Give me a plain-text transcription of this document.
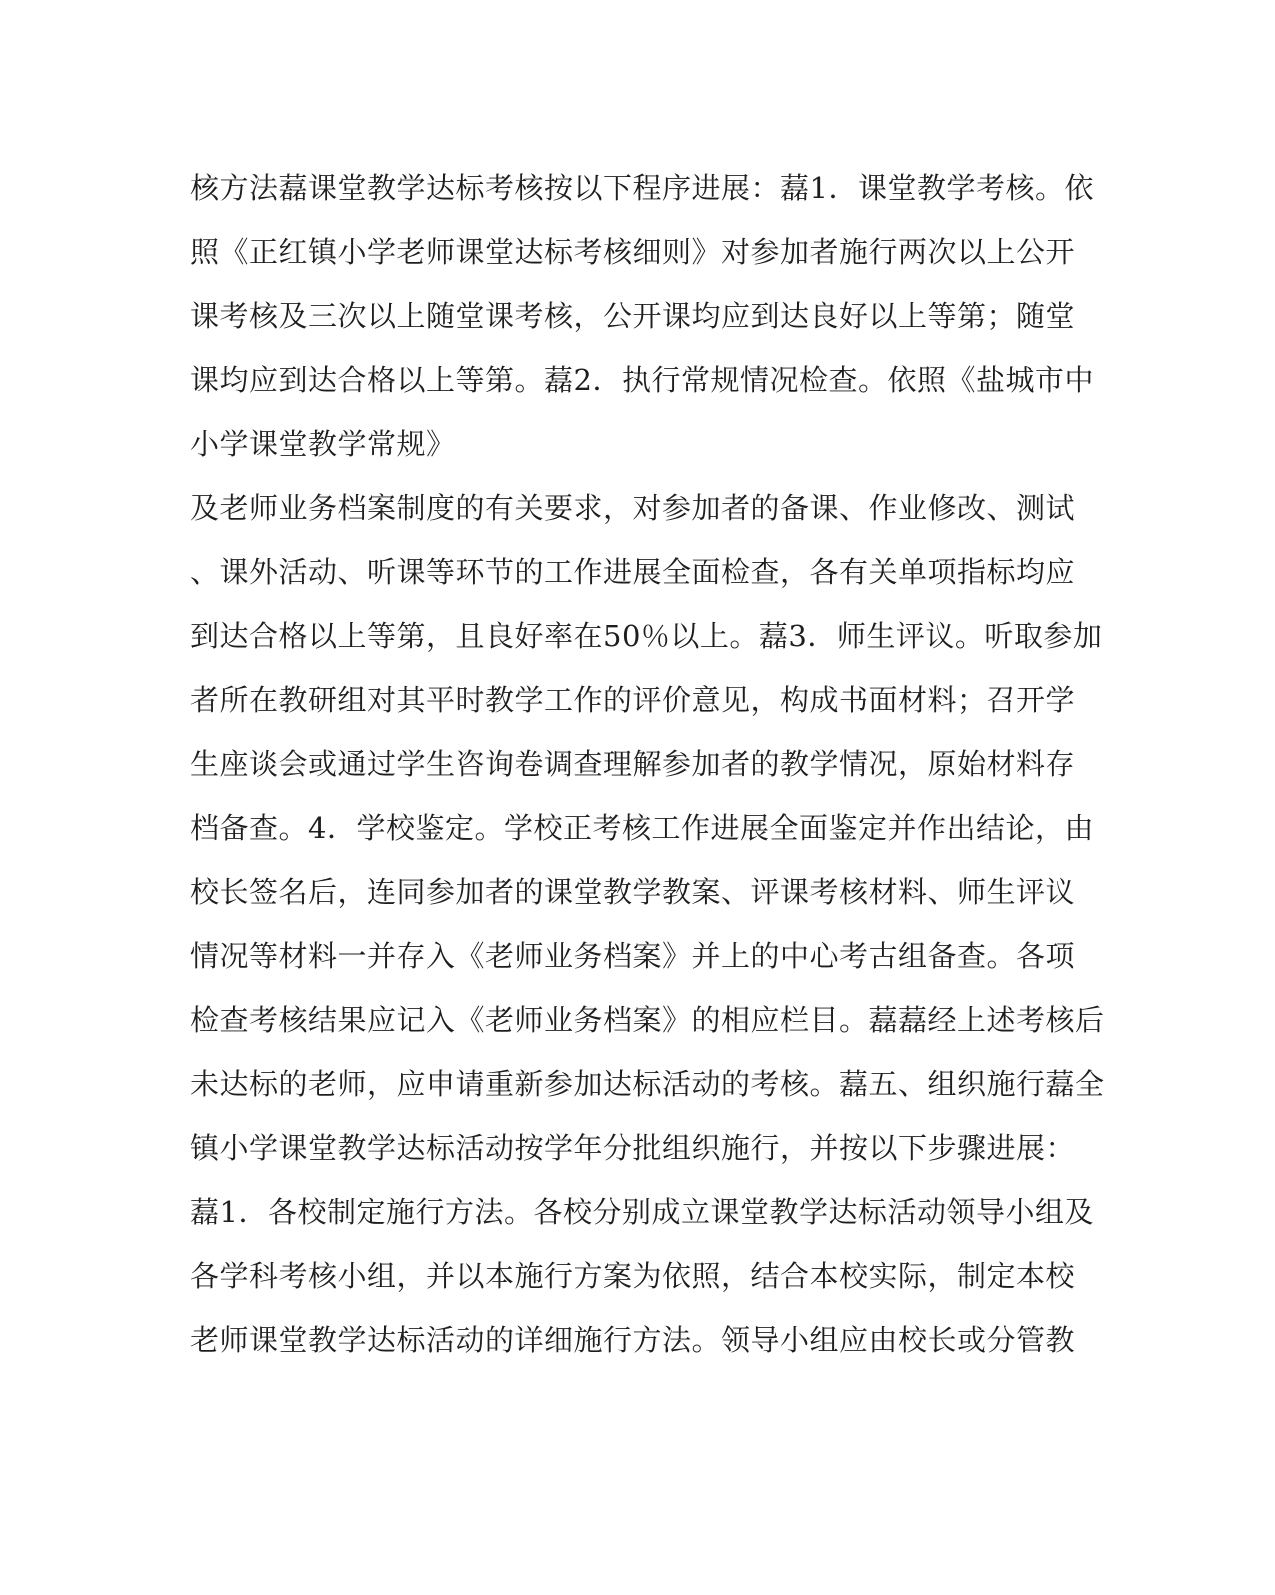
核方法藞课堂教学达标考核按以下程序进展：藞1．课堂教学考核。依
照《正红镇小学老师课堂达标考核细则》对参加者施行两次以上公开
课考核及三次以上随堂课考核，公开课均应到达良好以上等第；随堂
课均应到达合格以上等第。藞2．执行常规情况检查。依照《盐城市中
小学课堂教学常规》
及老师业务档案制度的有关要求，对参加者的备课、作业修改、测试
、课外活动、听课等环节的工作进展全面检查，各有关单项指标均应
到达合格以上等第，且良好率在50％以上。藞3．师生评议。听取参加
者所在教研组对其平时教学工作的评价意见，构成书面材料；召开学
生座谈会或通过学生咨询卷调查理解参加者的教学情况，原始材料存
档备查。4．学校鉴定。学校正考核工作进展全面鉴定并作出结论，由
校长签名后，连同参加者的课堂教学教案、评课考核材料、师生评议
情况等材料一并存入《老师业务档案》并上的中心考古组备查。各项
检查考核结果应记入《老师业务档案》的相应栏目。藞藞经上述考核后
未达标的老师，应申请重新参加达标活动的考核。藞五、组织施行藞全
镇小学课堂教学达标活动按学年分批组织施行，并按以下步骤进展：
藞1．各校制定施行方法。各校分别成立课堂教学达标活动领导小组及
各学科考核小组，并以本施行方案为依照，结合本校实际，制定本校
老师课堂教学达标活动的详细施行方法。领导小组应由校长或分管教
